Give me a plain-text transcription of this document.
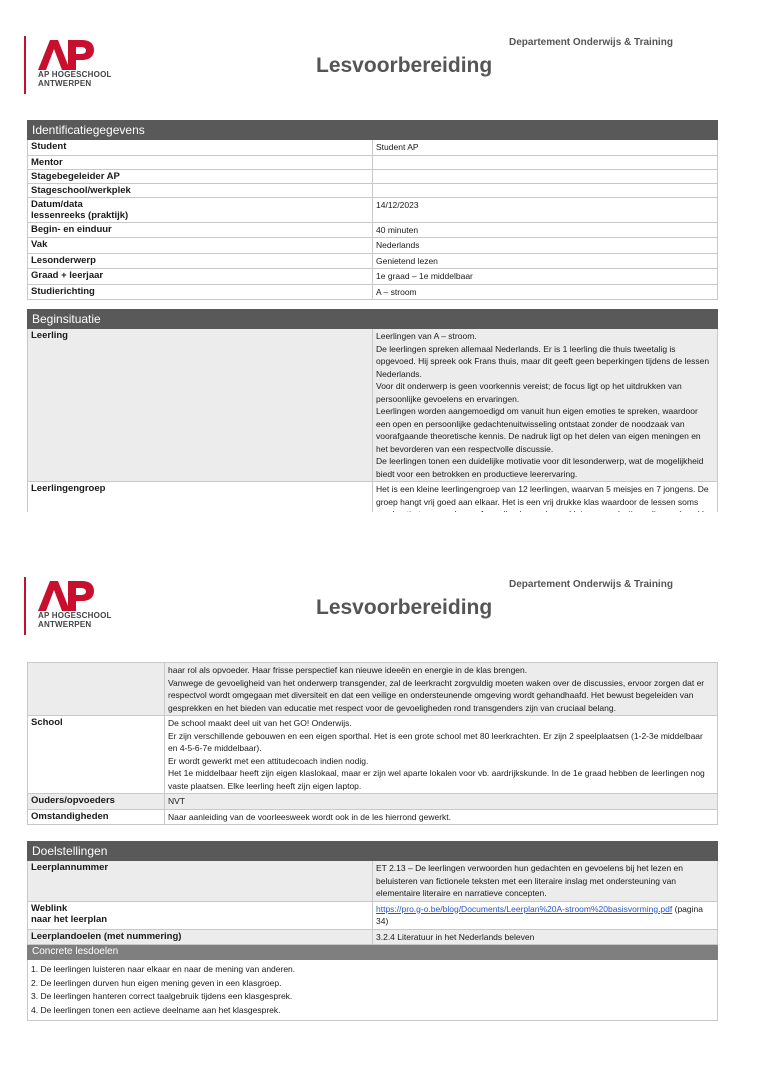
AP HOGESCHOOL
ANTWERPEN
Departement Onderwijs & Training
Lesvoorbereiding
Identificatiegegevens	
Student	Student AP
Mentor	
Stagebegeleider AP	
Stageschool/werkplek	

Datum/data
lessenreeks (praktijk)	14/12/2023
Begin- en einduur	40 minuten
Vak	Nederlands
Lesonderwerp	Genietend lezen
Graad + leerjaar	1e graad – 1e middelbaar
Studierichting	A – stroom
Beginsituatie	
Leerling	Leerlingen van A – stroom.
De leerlingen spreken allemaal Nederlands. Er is 1 leerling die thuis tweetalig is opgevoed. Hij spreek ook Frans thuis, maar dit geeft geen beperkingen tijdens de lessen Nederlands.
Voor dit onderwerp is geen voorkennis vereist; de focus ligt op het uitdrukken van persoonlijke gevoelens en ervaringen.
Leerlingen worden aangemoedigd om vanuit hun eigen emoties te spreken, waardoor een open en persoonlijke gedachtenuitwisseling ontstaat zonder de noodzaak van voorafgaande theoretische kennis. De nadruk ligt op het delen van eigen meningen en het bevorderen van een respectvolle discussie.
De leerlingen tonen een duidelijke motivatie voor dit lesonderwerp, wat de mogelijkheid biedt voor een betrokken en productieve leerervaring.

Leerlingengroep	Het is een kleine leerlingengroep van 12 leerlingen, waarvan 5 meisjes en 7 jongens. De groep hangt vrij goed aan elkaar. Het is een vrij drukke klas waardoor de lessen soms

AP HOGESCHOOL
ANTWERPEN
Departement Onderwijs & Training
Lesvoorbereiding

	haar rol als opvoeder. Haar frisse perspectief kan nieuwe ideeën en energie in de klas brengen.
Vanwege de gevoeligheid van het onderwerp transgender, zal de leerkracht zorgvuldig moeten waken over de discussies, ervoor zorgen dat er respectvol wordt omgegaan met diversiteit en dat een veilige en ondersteunende omgeving wordt gehandhaafd. Het bewust begeleiden van gesprekken en het bieden van educatie met respect voor de gevoeligheden rond transgenders zijn van cruciaal belang.

School	De school maakt deel uit van het GO! Onderwijs.
Er zijn verschillende gebouwen en een eigen sporthal. Het is een grote school met 80 leerkrachten. Er zijn 2 speelplaatsen (1-2-3e middelbaar en 4-5-6-7e middelbaar).
Er wordt gewerkt met een attitudecoach indien nodig.
Het 1e middelbaar heeft zijn eigen klaslokaal, maar er zijn wel aparte lokalen voor vb. aardrijkskunde. In de 1e graad hebben de leerlingen nog vaste plaatsen. Elke leerling heeft zijn eigen laptop.

Ouders/opvoeders	NVT
Omstandigheden	Naar aanleiding van de voorleesweek wordt ook in de les hierrond gewerkt.
Doelstellingen	
Leerplannummer	ET 2.13 – De leerlingen verwoorden hun gedachten en gevoelens bij het lezen en beluisteren van fictionele teksten met een literaire inslag met ondersteuning van elementaire literaire en narratieve concepten.

Weblink
naar het leerplan	https://pro.g-o.be/blog/Documents/Leerplan%20A-stroom%20basisvorming.pdf (pagina 34)
Leerplandoelen (met nummering)	3.2.4 Literatuur in het Nederlands beleven
Concrete lesdoelen	

1. De leerlingen luisteren naar elkaar en naar de mening van anderen.
2. De leerlingen durven hun eigen mening geven in een klasgroep.
3. De leerlingen hanteren correct taalgebruik tijdens een klasgesprek.
4. De leerlingen tonen een actieve deelname aan het klasgesprek.	
